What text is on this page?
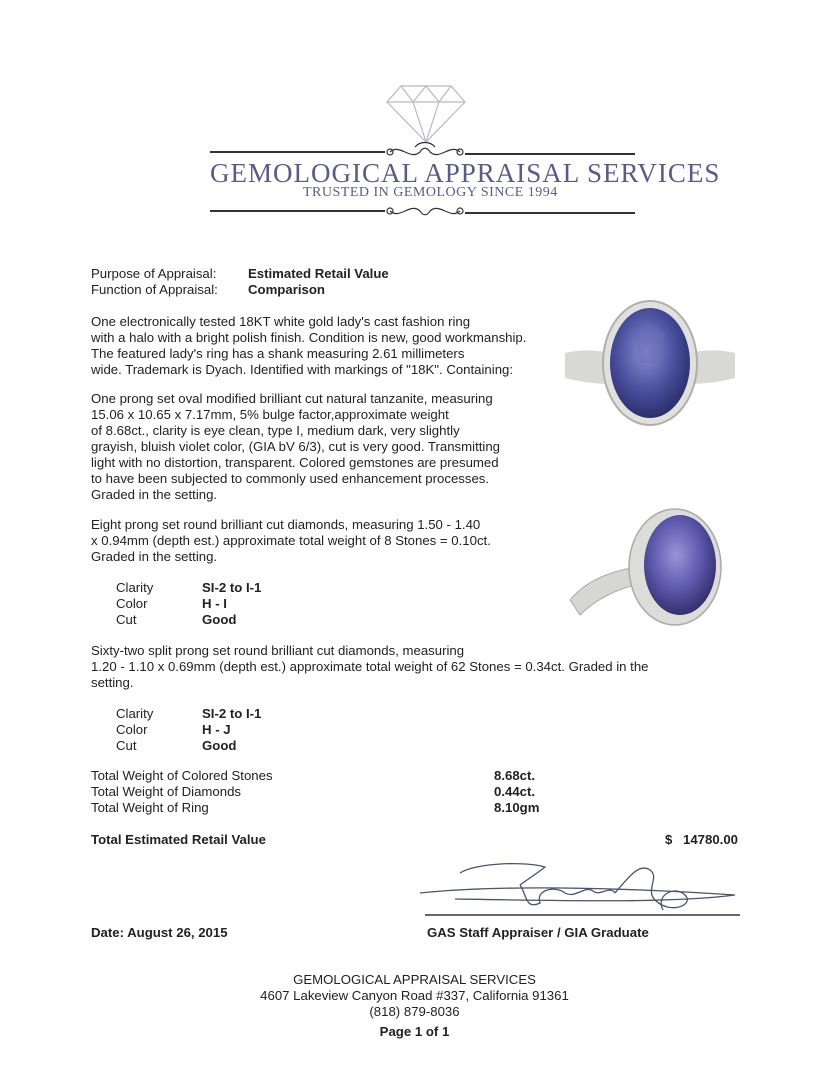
GEMOLOGICAL APPRAISAL SERVICES
TRUSTED IN GEMOLOGY SINCE 1994
Purpose of Appraisal: Estimated Retail Value
Function of Appraisal: Comparison
One electronically tested 18KT white gold lady's cast fashion ring
with a halo with a bright polish finish. Condition is new, good workmanship.
The featured lady's ring has a shank measuring 2.61 millimeters
wide. Trademark is Dyach. Identified with markings of "18K". Containing:
One prong set oval modified brilliant cut natural tanzanite, measuring
15.06 x 10.65 x 7.17mm, 5% bulge factor,approximate weight
of 8.68ct., clarity is eye clean, type I, medium dark, very slightly
grayish, bluish violet color, (GIA bV 6/3), cut is very good. Transmitting
light with no distortion, transparent. Colored gemstones are presumed
to have been subjected to commonly used enhancement processes.
Graded in the setting.
Eight prong set round brilliant cut diamonds, measuring 1.50 - 1.40
x 0.94mm (depth est.) approximate total weight of 8 Stones = 0.10ct.
Graded in the setting.
Clarity	SI-2 to I-1
Color	H - I
Cut	Good
Sixty-two split prong set round brilliant cut diamonds, measuring
1.20 - 1.10 x 0.69mm (depth est.) approximate total weight of 62 Stones = 0.34ct. Graded in the
setting.
Clarity	SI-2 to I-1
Color	H - J
Cut	Good
Total Weight of Colored Stones	8.68ct.
Total Weight of Diamonds	0.44ct.
Total Weight of Ring	8.10gm
Total Estimated Retail Value	$ 14780.00
Date: August 26, 2015	GAS Staff Appraiser / GIA Graduate
GEMOLOGICAL APPRAISAL SERVICES
4607 Lakeview Canyon Road #337, California 91361
(818) 879-8036
Page 1 of 1
